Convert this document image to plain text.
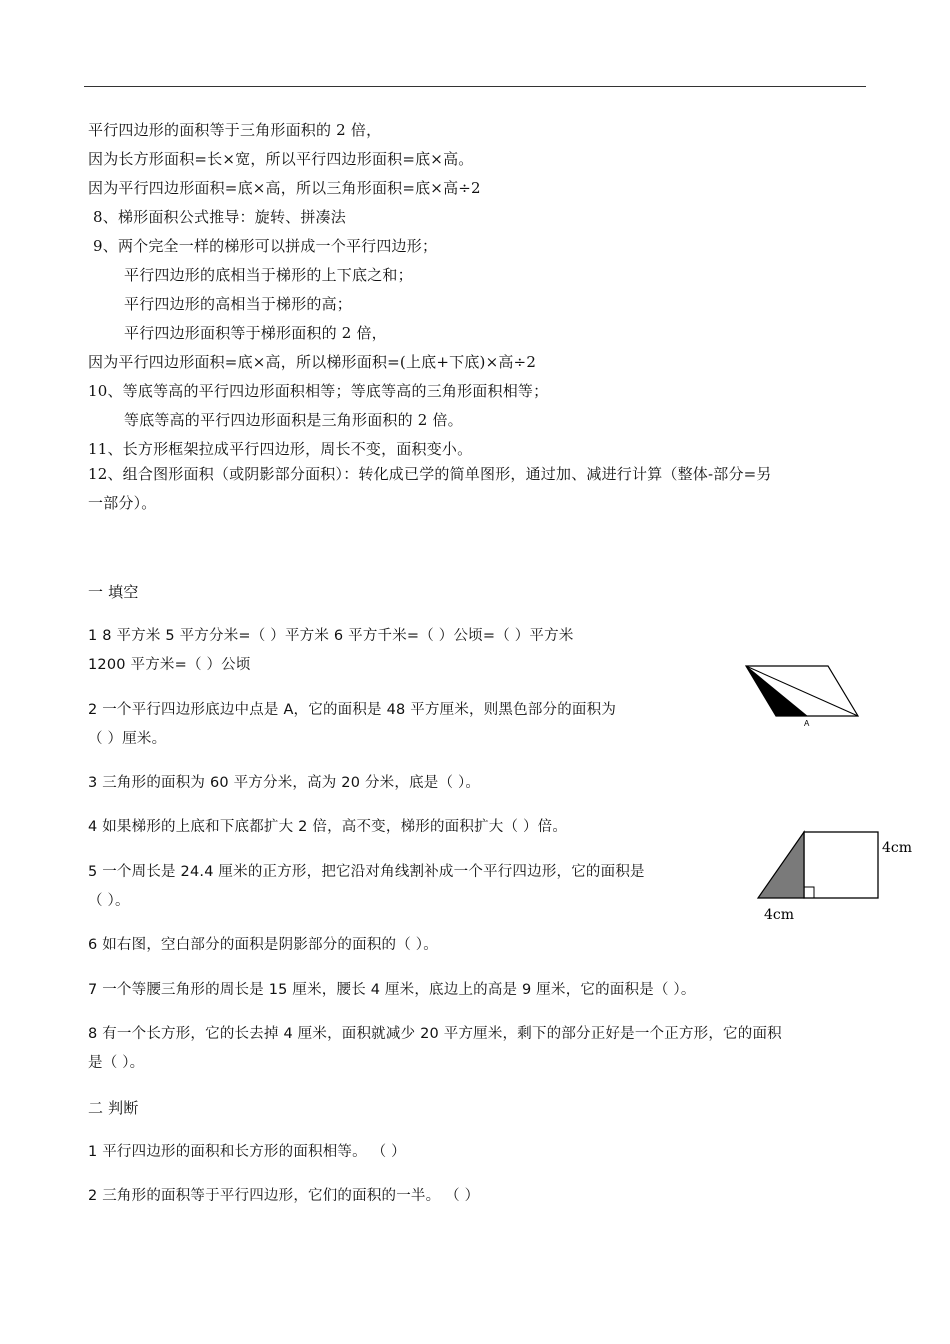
平行四边形的面积等于三角形面积的 2 倍，
因为长方形面积=长×宽，所以平行四边形面积=底×高。
因为平行四边形面积=底×高，所以三角形面积=底×高÷2
8、梯形面积公式推导：旋转、拼凑法
9、两个完全一样的梯形可以拼成一个平行四边形；
平行四边形的底相当于梯形的上下底之和；
平行四边形的高相当于梯形的高；
平行四边形面积等于梯形面积的 2 倍，
因为平行四边形面积=底×高，所以梯形面积=(上底+下底)×高÷2
10、等底等高的平行四边形面积相等；等底等高的三角形面积相等；
等底等高的平行四边形面积是三角形面积的 2 倍。
11、长方形框架拉成平行四边形，周长不变，面积变小。
12、组合图形面积（或阴影部分面积）：转化成已学的简单图形，通过加、减进行计算（整体-部分=另
一部分）。
一 填空
1 8 平方米 5 平方分米=（ ）平方米 6 平方千米=（ ）公顷=（ ）平方米
1200 平方米=（ ）公顷
2 一个平行四边形底边中点是 A，它的面积是 48 平方厘米，则黑色部分的面积为
（ ）厘米。
A
3 三角形的面积为 60 平方分米，高为 20 分米，底是（ ）。
4 如果梯形的上底和下底都扩大 2 倍，高不变，梯形的面积扩大（ ）倍。
5 一个周长是 24.4 厘米的正方形，把它沿对角线割补成一个平行四边形，它的面积是
（ ）。
4cm
4cm
6 如右图，空白部分的面积是阴影部分的面积的（ ）。
7 一个等腰三角形的周长是 15 厘米，腰长 4 厘米，底边上的高是 9 厘米，它的面积是（ ）。
8 有一个长方形，它的长去掉 4 厘米，面积就减少 20 平方厘米，剩下的部分正好是一个正方形，它的面积
是（ ）。
二 判断
1 平行四边形的面积和长方形的面积相等。 （ ）
2 三角形的面积等于平行四边形，它们的面积的一半。 （ ）
